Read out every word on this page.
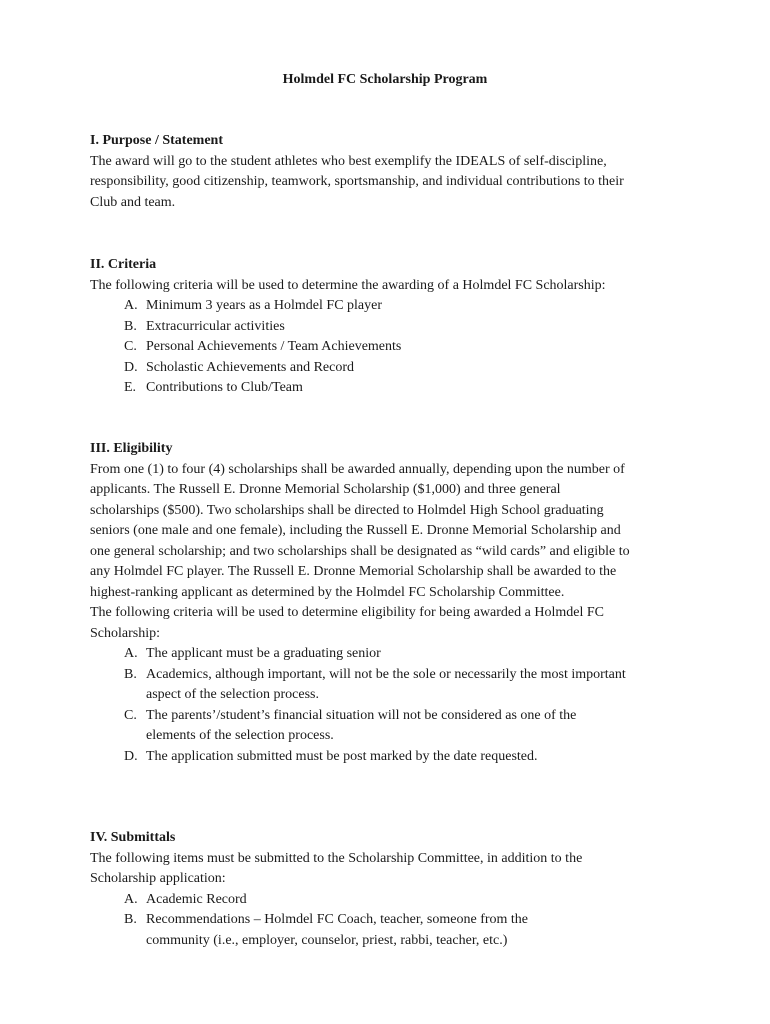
Holmdel FC Scholarship Program
I. Purpose / Statement
The award will go to the student athletes who best exemplify the IDEALS of self-discipline,
responsibility, good citizenship, teamwork, sportsmanship, and individual contributions to their
Club and team.
II. Criteria
The following criteria will be used to determine the awarding of a Holmdel FC Scholarship:
A. Minimum 3 years as a Holmdel FC player
B. Extracurricular activities
C. Personal Achievements / Team Achievements
D. Scholastic Achievements and Record
E. Contributions to Club/Team
III. Eligibility
From one (1) to four (4) scholarships shall be awarded annually, depending upon the number of
applicants. The Russell E. Dronne Memorial Scholarship ($1,000) and three general
scholarships ($500). Two scholarships shall be directed to Holmdel High School graduating
seniors (one male and one female), including the Russell E. Dronne Memorial Scholarship and
one general scholarship; and two scholarships shall be designated as “wild cards” and eligible to
any Holmdel FC player. The Russell E. Dronne Memorial Scholarship shall be awarded to the
highest-ranking applicant as determined by the Holmdel FC Scholarship Committee.
The following criteria will be used to determine eligibility for being awarded a Holmdel FC
Scholarship:
A. The applicant must be a graduating senior
B. Academics, although important, will not be the sole or necessarily the most important
aspect of the selection process.
C. The parents’/student’s financial situation will not be considered as one of the
elements of the selection process.
D. The application submitted must be post marked by the date requested.
IV. Submittals
The following items must be submitted to the Scholarship Committee, in addition to the
Scholarship application:
A. Academic Record
B. Recommendations – Holmdel FC Coach, teacher, someone from the
community (i.e., employer, counselor, priest, rabbi, teacher, etc.)
